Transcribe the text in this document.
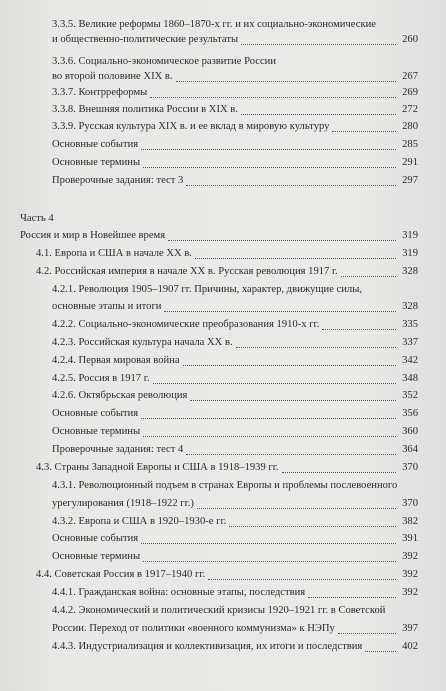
3.3.5. Великие реформы 1860–1870-х гг. и их социально-экономические
и общественно-политические результаты	260
3.3.6. Социально-экономическое развитие России
во второй половине XIX в.	267
3.3.7. Контрреформы	269
3.3.8. Внешняя политика России в XIX в.	272
3.3.9. Русская культура XIX в. и ее вклад в мировую культуру	280
Основные события	285
Основные термины	291
Проверочные задания: тест 3	297
Часть 4
Россия и мир в Новейшее время	319
4.1. Европа и США в начале XX в.	319
4.2. Российская империя в начале XX в. Русская революция 1917 г.	328
4.2.1. Революция 1905–1907 гг. Причины, характер, движущие силы,
основные этапы и итоги	328
4.2.2. Социально-экономические преобразования 1910-х гг.	335
4.2.3. Российская культура начала XX в.	337
4.2.4. Первая мировая война	342
4.2.5. Россия в 1917 г.	348
4.2.6. Октябрьская революция	352
Основные события	356
Основные термины	360
Проверочные задания: тест 4	364
4.3. Страны Западной Европы и США в 1918–1939 гг.	370
4.3.1. Революционный подъем в странах Европы и проблемы послевоенного
урегулирования (1918–1922 гг.)	370
4.3.2. Европа и США в 1920–1930-е гг.	382
Основные события	391
Основные термины	392
4.4. Советская Россия в 1917–1940 гг.	392
4.4.1. Гражданская война: основные этапы, последствия	392
4.4.2. Экономический и политический кризисы 1920–1921 гг. в Советской
России. Переход от политики «военного коммунизма» к НЭПу	397
4.4.3. Индустриализация и коллективизация, их итоги и последствия	402
